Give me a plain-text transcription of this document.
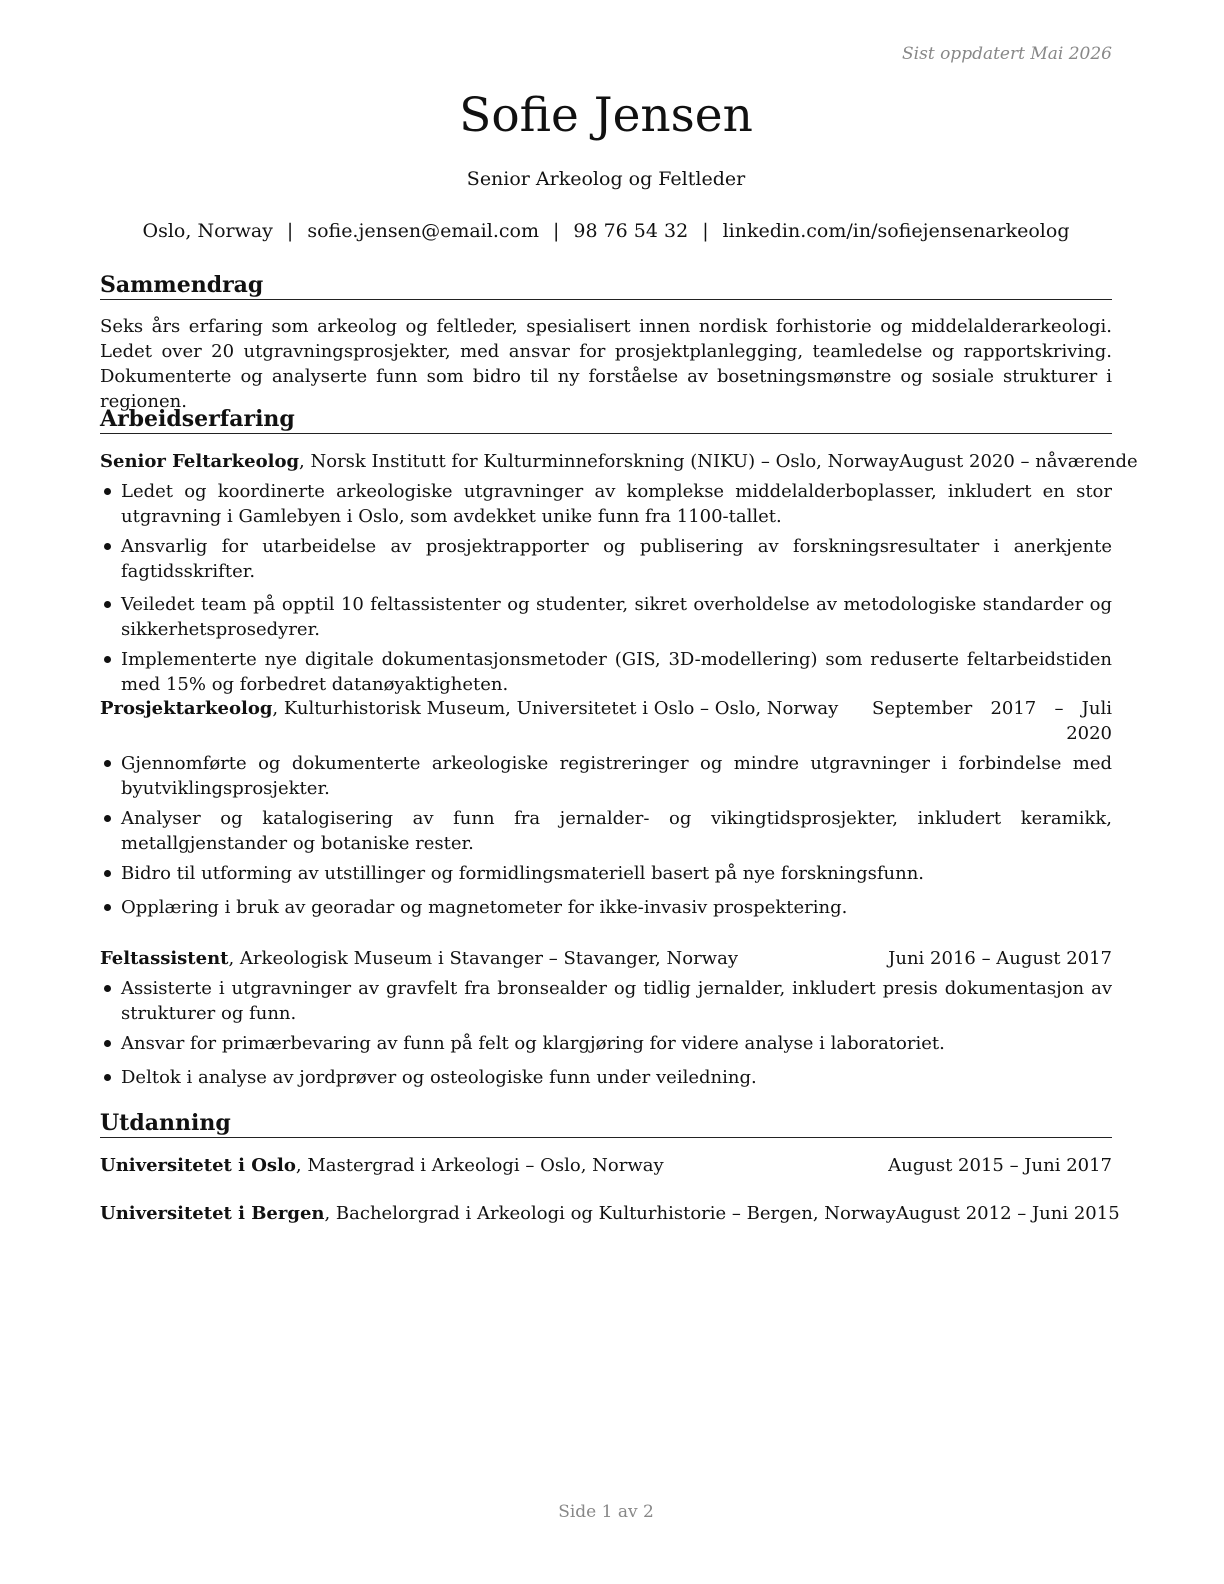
Sist oppdatert Mai 2026
Sofie Jensen
Senior Arkeolog og Feltleder
Oslo, Norway | sofie.jensen@email.com | 98 76 54 32 | linkedin.com/in/sofiejensenarkeolog
Sammendrag

Seks års erfaring som arkeolog og feltleder, spesialisert innen nordisk forhistorie og middelalderarkeologi. Ledet over 20 utgravningsprosjekter, med ansvar for prosjektplanlegging, teamledelse og rapportskriving. Dokumenterte og analyserte funn som bidro til ny forståelse av bosetningsmønstre og sosiale strukturer i regionen.

Arbeidserfaring
Senior Feltarkeolog, Norsk Institutt for Kulturminneforskning (NIKU) – Oslo, Norway August 2020 – nåværende
Ledet og koordinerte arkeologiske utgravninger av komplekse middelalderboplasser, inkludert en stor utgravning i Gamlebyen i Oslo, som avdekket unike funn fra 1100-tallet.
Ansvarlig for utarbeidelse av prosjektrapporter og publisering av forskningsresultater i anerkjente fagtidsskrifter.
Veiledet team på opptil 10 feltassistenter og studenter, sikret overholdelse av metodologiske standarder og sikkerhetsprosedyrer.
Implementerte nye digitale dokumentasjonsmetoder (GIS, 3D-modellering) som reduserte feltarbeidstiden med 15% og forbedret datanøyaktigheten.
Prosjektarkeolog, Kulturhistorisk Museum, Universitetet i Oslo – Oslo, Norway September 2017 – Juli 2020
Gjennomførte og dokumenterte arkeologiske registreringer og mindre utgravninger i forbindelse med byutviklingsprosjekter.
Analyser og katalogisering av funn fra jernalder- og vikingtidsprosjekter, inkludert keramikk, metallgjenstander og botaniske rester.
Bidro til utforming av utstillinger og formidlingsmateriell basert på nye forskningsfunn.
Opplæring i bruk av georadar og magnetometer for ikke-invasiv prospektering.
Feltassistent, Arkeologisk Museum i Stavanger – Stavanger, Norway	Juni 2016 – August 2017
Assisterte i utgravninger av gravfelt fra bronsealder og tidlig jernalder, inkludert presis dokumentasjon av strukturer og funn.
Ansvar for primærbevaring av funn på felt og klargjøring for videre analyse i laboratoriet.
Deltok i analyse av jordprøver og osteologiske funn under veiledning.
Utdanning
Universitetet i Oslo, Mastergrad i Arkeologi – Oslo, Norway	August 2015 – Juni 2017
Universitetet i Bergen, Bachelorgrad i Arkeologi og Kulturhistorie – Bergen, Norway August 2012 – Juni 2015
Side 1 av 2
